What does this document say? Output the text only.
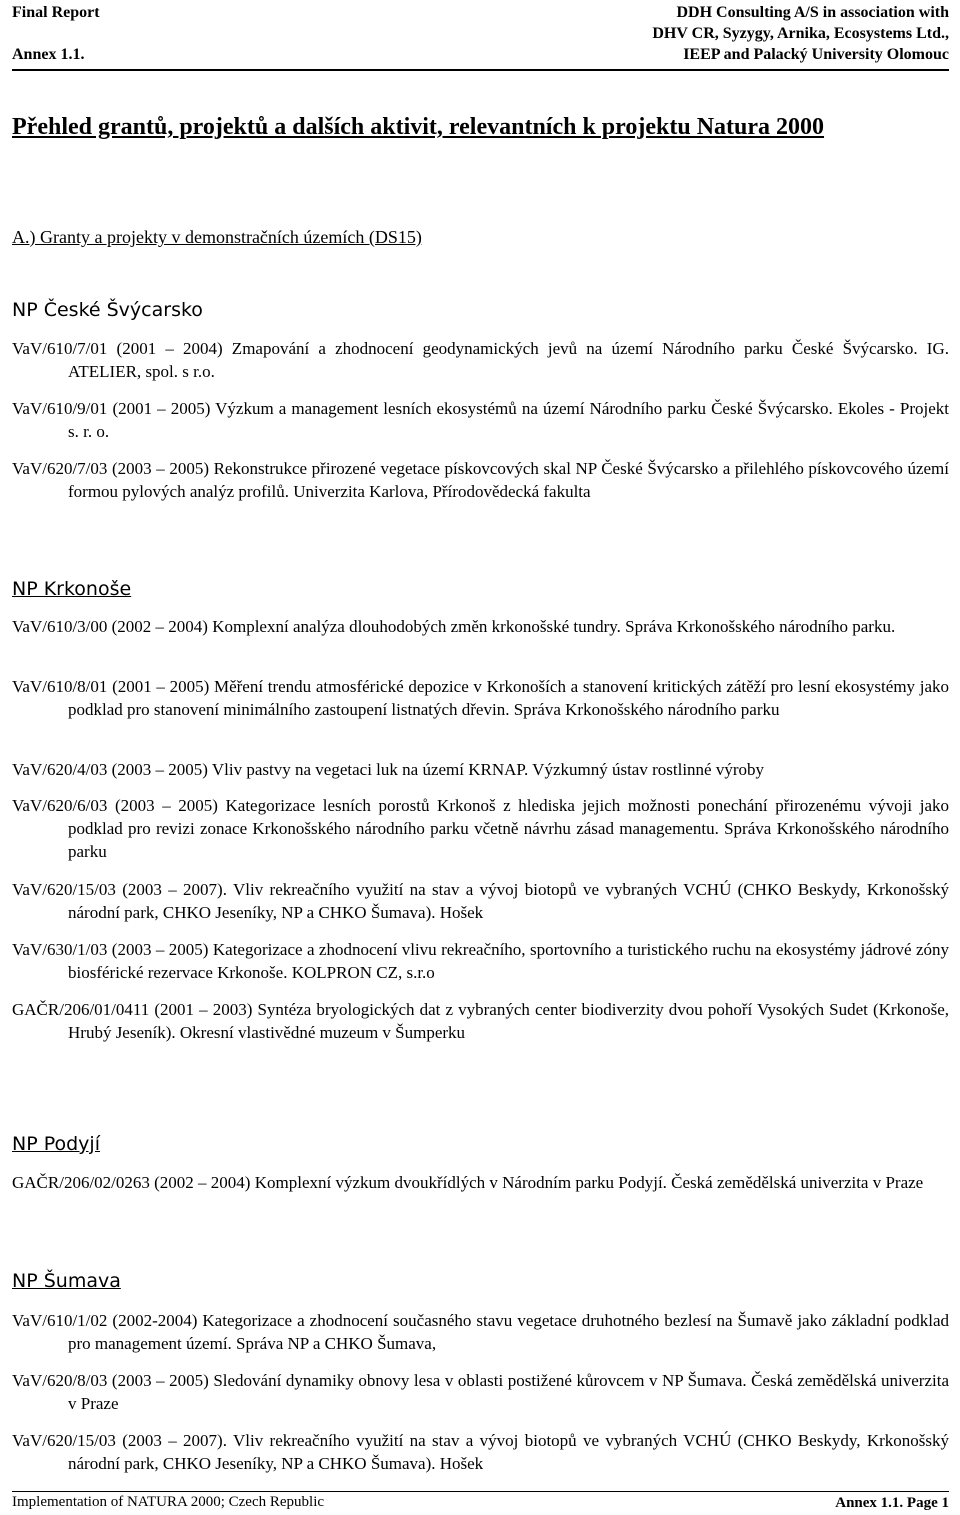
Final Report
Annex 1.1.
DDH Consulting A/S in association with
DHV CR, Syzygy, Arnika, Ecosystems Ltd.,
IEEP and Palacký University Olomouc
Přehled grantů, projektů a dalších aktivit, relevantních k projektu Natura 2000
A.) Granty a projekty v demonstračních územích (DS15)
NP České Švýcarsko
VaV/610/7/01 (2001 – 2004) Zmapování a zhodnocení geodynamických jevů na území Národního parku České Švýcarsko. IG. ATELIER, spol. s r.o.
VaV/610/9/01 (2001 – 2005) Výzkum a management lesních ekosystémů na území Národního parku České Švýcarsko. Ekoles - Projekt s. r. o.
VaV/620/7/03 (2003 – 2005) Rekonstrukce přirozené vegetace pískovcových skal NP České Švýcarsko a přilehlého pískovcového území formou pylových analýz profilů. Univerzita Karlova, Přírodovědecká fakulta
NP Krkonoše
VaV/610/3/00 (2002 – 2004) Komplexní analýza dlouhodobých změn krkonošské tundry. Správa Krkonošského národního parku.
VaV/610/8/01 (2001 – 2005) Měření trendu atmosférické depozice v Krkonoších a stanovení kritických zátěží pro lesní ekosystémy jako podklad pro stanovení minimálního zastoupení listnatých dřevin. Správa Krkonošského národního parku
VaV/620/4/03 (2003 – 2005) Vliv pastvy na vegetaci luk na území KRNAP. Výzkumný ústav rostlinné výroby
VaV/620/6/03 (2003 – 2005) Kategorizace lesních porostů Krkonoš z hlediska jejich možnosti ponechání přirozenému vývoji jako podklad pro revizi zonace Krkonošského národního parku včetně návrhu zásad managementu. Správa Krkonošského národního parku
VaV/620/15/03 (2003 – 2007). Vliv rekreačního využití na stav a vývoj biotopů ve vybraných VCHÚ (CHKO Beskydy, Krkonošský národní park, CHKO Jeseníky, NP a CHKO Šumava). Hošek
VaV/630/1/03 (2003 – 2005) Kategorizace a zhodnocení vlivu rekreačního, sportovního a turistického ruchu na ekosystémy jádrové zóny biosférické rezervace Krkonoše. KOLPRON CZ, s.r.o
GAČR/206/01/0411 (2001 – 2003) Syntéza bryologických dat z vybraných center biodiverzity dvou pohoří Vysokých Sudet (Krkonoše, Hrubý Jeseník). Okresní vlastivědné muzeum v Šumperku
NP Podyjí
GAČR/206/02/0263 (2002 – 2004) Komplexní výzkum dvoukřídlých v Národním parku Podyjí. Česká zemědělská univerzita v Praze
NP Šumava
VaV/610/1/02 (2002-2004) Kategorizace a zhodnocení současného stavu vegetace druhotného bezlesí na Šumavě jako základní podklad pro management území. Správa NP a CHKO Šumava,
VaV/620/8/03 (2003 – 2005) Sledování dynamiky obnovy lesa v oblasti postižené kůrovcem v NP Šumava. Česká zemědělská univerzita v Praze
VaV/620/15/03 (2003 – 2007). Vliv rekreačního využití na stav a vývoj biotopů ve vybraných VCHÚ (CHKO Beskydy, Krkonošský národní park, CHKO Jeseníky, NP a CHKO Šumava). Hošek
Implementation of NATURA 2000; Czech Republic	Annex 1.1. Page 1
